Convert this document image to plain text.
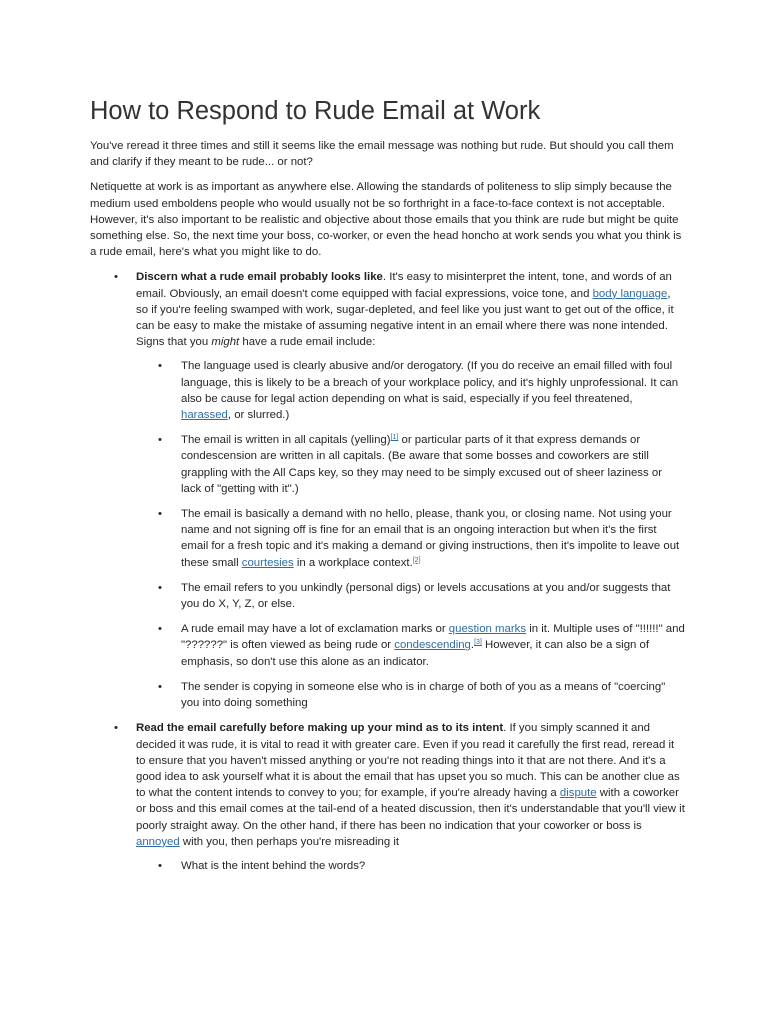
How to Respond to Rude Email at Work

You've reread it three times and still it seems like the email message was nothing but rude. But should you call them and clarify if they meant to be rude... or not?

Netiquette at work is as important as anywhere else. Allowing the standards of politeness to slip simply because the medium used emboldens people who would usually not be so forthright in a face-to-face context is not acceptable. However, it's also important to be realistic and objective about those emails that you think are rude but might be quite something else. So, the next time your boss, co-worker, or even the head honcho at work sends you what you think is a rude email, here's what you might like to do.

• Discern what a rude email probably looks like. It's easy to misinterpret the intent, tone, and words of an email. Obviously, an email doesn't come equipped with facial expressions, voice tone, and body language, so if you're feeling swamped with work, sugar-depleted, and feel like you just want to get out of the office, it can be easy to make the mistake of assuming negative intent in an email where there was none intended. Signs that you might have a rude email include:
• The language used is clearly abusive and/or derogatory. (If you do receive an email filled with foul language, this is likely to be a breach of your workplace policy, and it's highly unprofessional. It can also be cause for legal action depending on what is said, especially if you feel threatened, harassed, or slurred.)
• The email is written in all capitals (yelling)[1] or particular parts of it that express demands or condescension are written in all capitals. (Be aware that some bosses and coworkers are still grappling with the All Caps key, so they may need to be simply excused out of sheer laziness or lack of "getting with it".)
• The email is basically a demand with no hello, please, thank you, or closing name. Not using your name and not signing off is fine for an email that is an ongoing interaction but when it's the first email for a fresh topic and it's making a demand or giving instructions, then it's impolite to leave out these small courtesies in a workplace context.[2]
• The email refers to you unkindly (personal digs) or levels accusations at you and/or suggests that you do X, Y, Z, or else.
• A rude email may have a lot of exclamation marks or question marks in it. Multiple uses of "!!!!!!" and "??????" is often viewed as being rude or condescending.[3] However, it can also be a sign of emphasis, so don't use this alone as an indicator.
• The sender is copying in someone else who is in charge of both of you as a means of "coercing" you into doing something
• Read the email carefully before making up your mind as to its intent. If you simply scanned it and decided it was rude, it is vital to read it with greater care. Even if you read it carefully the first read, reread it to ensure that you haven't missed anything or you're not reading things into it that are not there. And it's a good idea to ask yourself what it is about the email that has upset you so much. This can be another clue as to what the content intends to convey to you; for example, if you're already having a dispute with a coworker or boss and this email comes at the tail-end of a heated discussion, then it's understandable that you'll view it poorly straight away. On the other hand, if there has been no indication that your coworker or boss is annoyed with you, then perhaps you're misreading it
• What is the intent behind the words?
